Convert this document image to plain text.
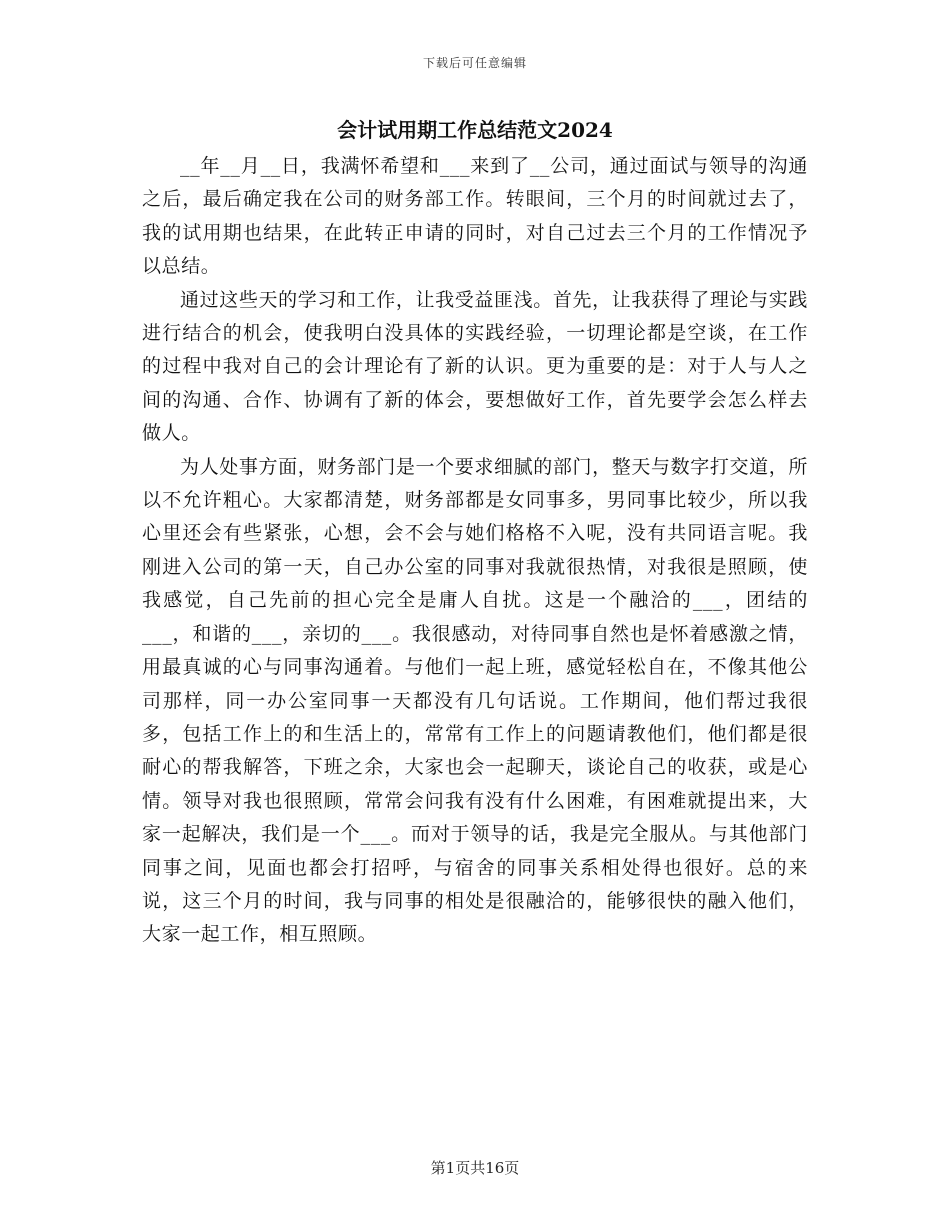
下载后可任意编辑
会计试用期工作总结范文2024

__年__月__日，我满怀希望和___来到了__公司，通过面试与领导的沟通之后，最后确定我在公司的财务部工作。转眼间，三个月的时间就过去了，我的试用期也结果，在此转正申请的同时，对自己过去三个月的工作情况予以总结。

通过这些天的学习和工作，让我受益匪浅。首先，让我获得了理论与实践进行结合的机会，使我明白没具体的实践经验，一切理论都是空谈，在工作的过程中我对自己的会计理论有了新的认识。更为重要的是：对于人与人之间的沟通、合作、协调有了新的体会，要想做好工作，首先要学会怎么样去做人。

为人处事方面，财务部门是一个要求细腻的部门，整天与数字打交道，所以不允许粗心。大家都清楚，财务部都是女同事多，男同事比较少，所以我心里还会有些紧张，心想，会不会与她们格格不入呢，没有共同语言呢。我刚进入公司的第一天，自己办公室的同事对我就很热情，对我很是照顾，使我感觉，自己先前的担心完全是庸人自扰。这是一个融洽的___，团结的___，和谐的___，亲切的___。我很感动，对待同事自然也是怀着感激之情，用最真诚的心与同事沟通着。与他们一起上班，感觉轻松自在，不像其他公司那样，同一办公室同事一天都没有几句话说。工作期间，他们帮过我很多，包括工作上的和生活上的，常常有工作上的问题请教他们，他们都是很耐心的帮我解答，下班之余，大家也会一起聊天，谈论自己的收获，或是心情。领导对我也很照顾，常常会问我有没有什么困难，有困难就提出来，大家一起解决，我们是一个___。而对于领导的话，我是完全服从。与其他部门同事之间，见面也都会打招呼，与宿舍的同事关系相处得也很好。总的来说，这三个月的时间，我与同事的相处是很融洽的，能够很快的融入他们，大家一起工作，相互照顾。

第1页共16页
